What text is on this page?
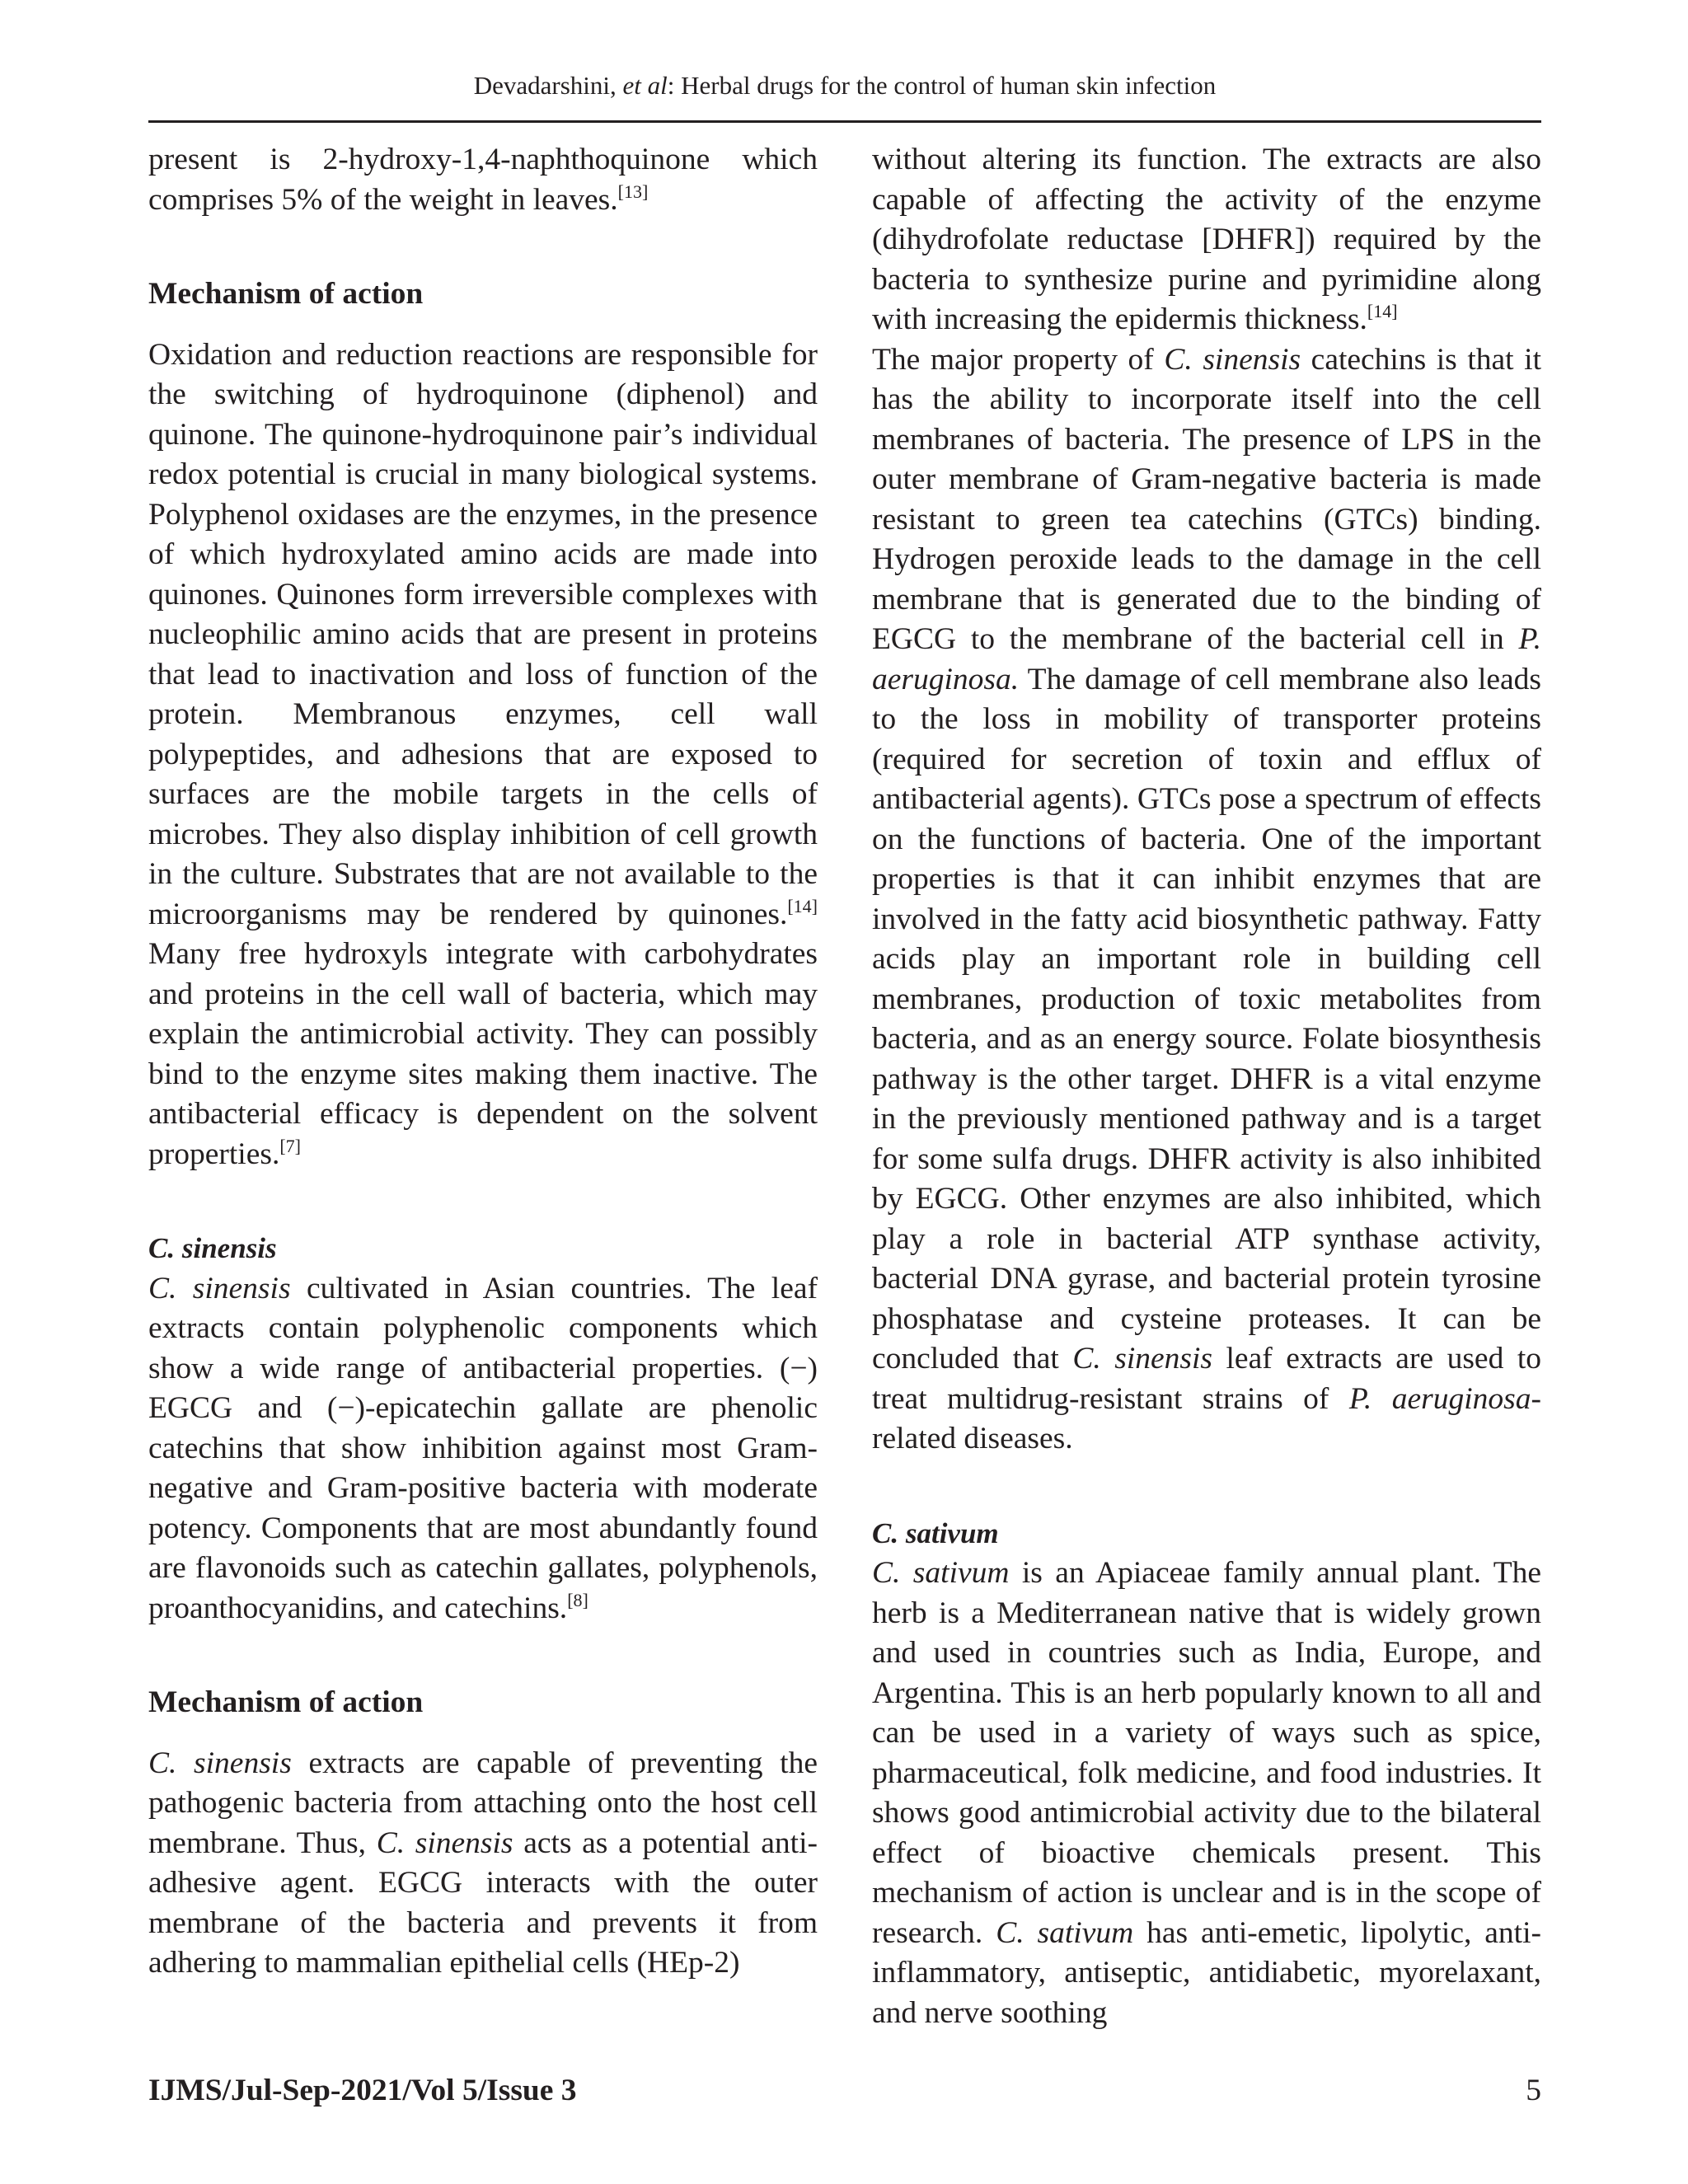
Devadarshini, et al: Herbal drugs for the control of human skin infection

present is 2-hydroxy-1,4-naphthoquinone which comprises 5% of the weight in leaves.[13]

Mechanism of action

Oxidation and reduction reactions are responsible for the switching of hydroquinone (diphenol) and quinone. The quinone-hydroquinone pair’s individual redox potential is crucial in many biological systems. Polyphenol oxidases are the enzymes, in the presence of which hydroxylated amino acids are made into quinones. Quinones form irreversible complexes with nucleophilic amino acids that are present in proteins that lead to inactivation and loss of function of the protein. Membranous enzymes, cell wall polypeptides, and adhesions that are exposed to surfaces are the mobile targets in the cells of microbes. They also display inhibition of cell growth in the culture. Substrates that are not available to the microorganisms may be rendered by quinones.[14] Many free hydroxyls integrate with carbohydrates and proteins in the cell wall of bacteria, which may explain the antimicrobial activity. They can possibly bind to the enzyme sites making them inactive. The antibacterial efficacy is dependent on the solvent properties.[7]

C. sinensis

C. sinensis cultivated in Asian countries. The leaf extracts contain polyphenolic components which show a wide range of antibacterial properties. (−) EGCG and (−)-epicatechin gallate are phenolic catechins that show inhibition against most Gram-negative and Gram-positive bacteria with moderate potency. Components that are most abundantly found are flavonoids such as catechin gallates, polyphenols, proanthocyanidins, and catechins.[8]

Mechanism of action

C. sinensis extracts are capable of preventing the pathogenic bacteria from attaching onto the host cell membrane. Thus, C. sinensis acts as a potential anti-adhesive agent. EGCG interacts with the outer membrane of the bacteria and prevents it from adhering to mammalian epithelial cells (HEp-2)

without altering its function. The extracts are also capable of affecting the activity of the enzyme (dihydrofolate reductase [DHFR]) required by the bacteria to synthesize purine and pyrimidine along with increasing the epidermis thickness.[14]

The major property of C. sinensis catechins is that it has the ability to incorporate itself into the cell membranes of bacteria. The presence of LPS in the outer membrane of Gram-negative bacteria is made resistant to green tea catechins (GTCs) binding. Hydrogen peroxide leads to the damage in the cell membrane that is generated due to the binding of EGCG to the membrane of the bacterial cell in P. aeruginosa. The damage of cell membrane also leads to the loss in mobility of transporter proteins (required for secretion of toxin and efflux of antibacterial agents). GTCs pose a spectrum of effects on the functions of bacteria. One of the important properties is that it can inhibit enzymes that are involved in the fatty acid biosynthetic pathway. Fatty acids play an important role in building cell membranes, production of toxic metabolites from bacteria, and as an energy source. Folate biosynthesis pathway is the other target. DHFR is a vital enzyme in the previously mentioned pathway and is a target for some sulfa drugs. DHFR activity is also inhibited by EGCG. Other enzymes are also inhibited, which play a role in bacterial ATP synthase activity, bacterial DNA gyrase, and bacterial protein tyrosine phosphatase and cysteine proteases. It can be concluded that C. sinensis leaf extracts are used to treat multidrug-resistant strains of P. aeruginosa-related diseases.

C. sativum

C. sativum is an Apiaceae family annual plant. The herb is a Mediterranean native that is widely grown and used in countries such as India, Europe, and Argentina. This is an herb popularly known to all and can be used in a variety of ways such as spice, pharmaceutical, folk medicine, and food industries. It shows good antimicrobial activity due to the bilateral effect of bioactive chemicals present. This mechanism of action is unclear and is in the scope of research. C. sativum has anti-emetic, lipolytic, anti-inflammatory, antiseptic, antidiabetic, myorelaxant, and nerve soothing

IJMS/Jul-Sep-2021/Vol 5/Issue 3	5
